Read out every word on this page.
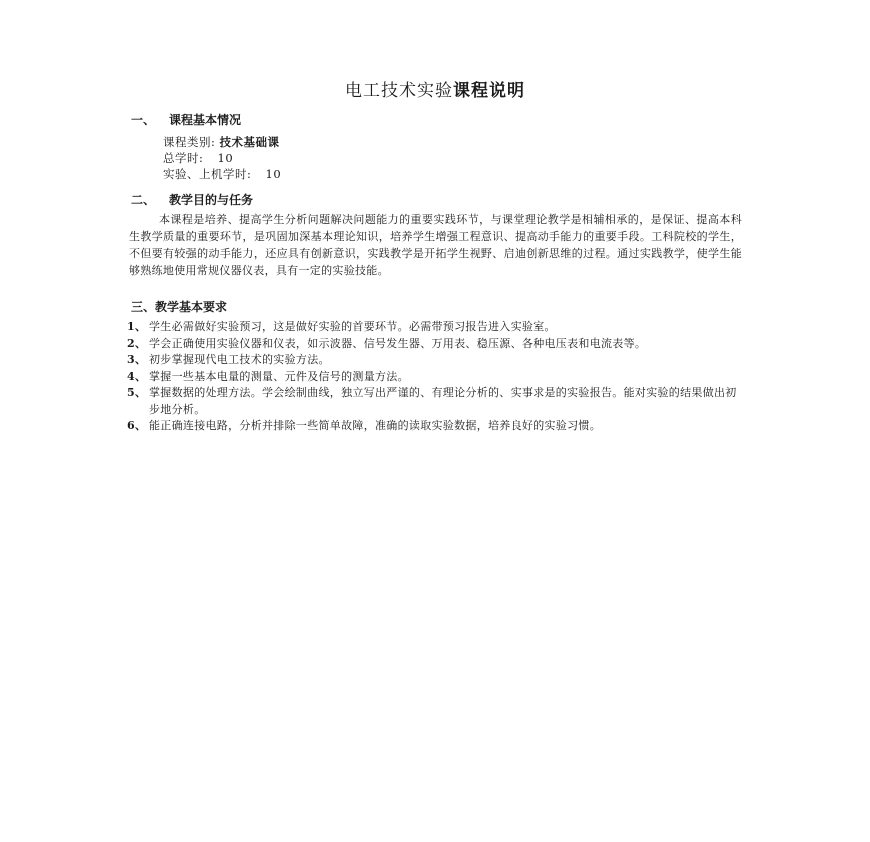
电工技术实验课程说明
一、 课程基本情况
课程类别: 技术基础课
总学时: 10
实验、上机学时: 10
二、 教学目的与任务

本课程是培养、提高学生分析问题解决问题能力的重要实践环节，与课堂理论教学是相辅相承的，是保证、提高本科生教学质量的重要环节，是巩固加深基本理论知识，培养学生增强工程意识、提高动手能力的重要手段。工科院校的学生，不但要有较强的动手能力，还应具有创新意识，实践教学是开拓学生视野、启迪创新思维的过程。通过实践教学，使学生能够熟练地使用常规仪器仪表，具有一定的实验技能。

三、教学基本要求
1、 学生必需做好实验预习，这是做好实验的首要环节。必需带预习报告进入实验室。
2、 学会正确使用实验仪器和仪表，如示波器、信号发生器、万用表、稳压源、各种电压表和电流表等。
3、 初步掌握现代电工技术的实验方法。
4、 掌握一些基本电量的测量、元件及信号的测量方法。
5、 掌握数据的处理方法。学会绘制曲线，独立写出严谨的、有理论分析的、实事求是的实验报告。能对实验的结果做出初步地分析。
6、 能正确连接电路，分析并排除一些简单故障，准确的读取实验数据，培养良好的实验习惯。
